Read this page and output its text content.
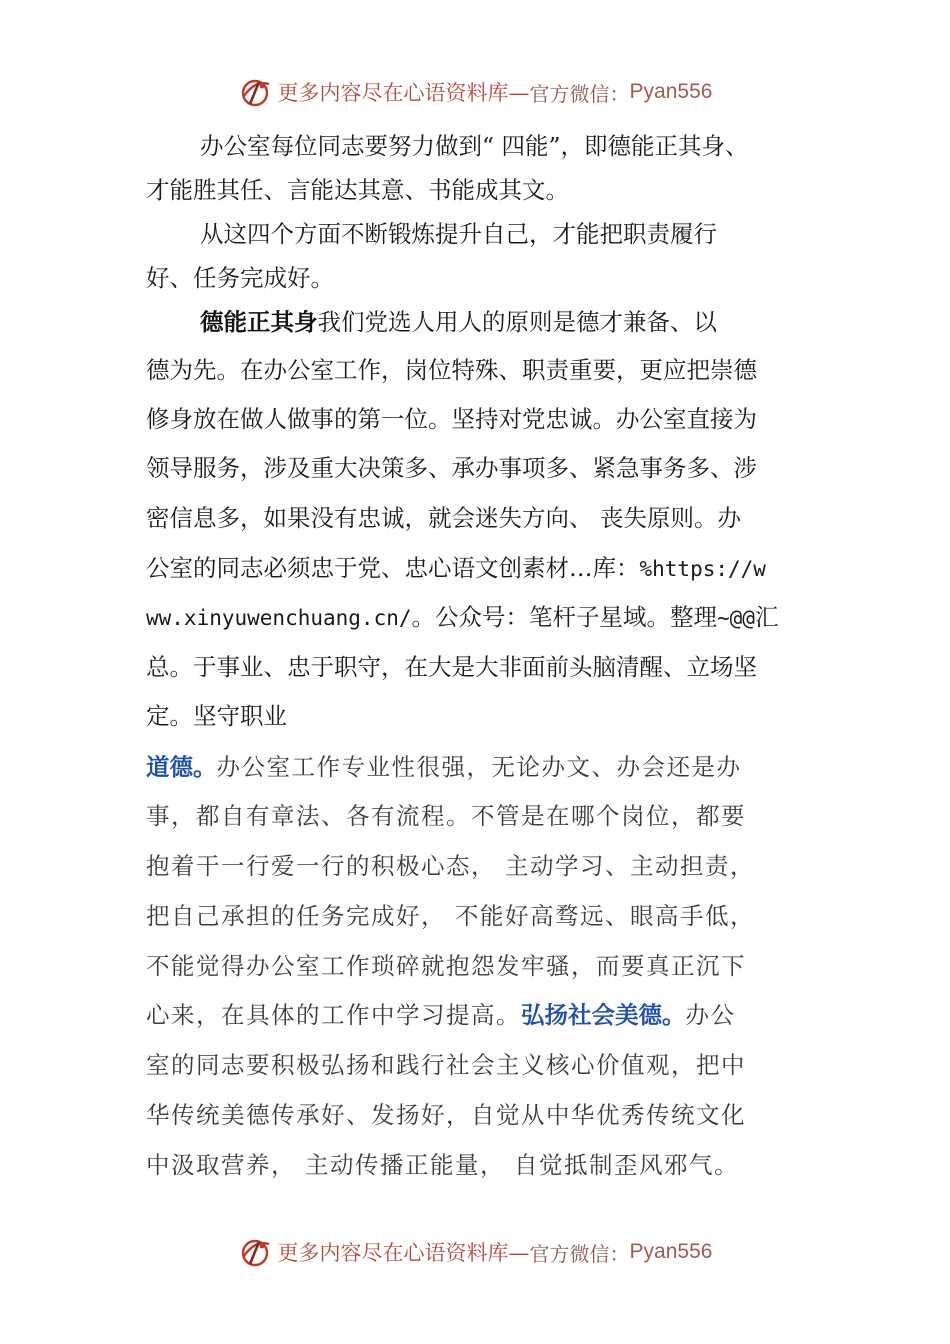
更多内容尽在心语资料库— 官方微信： Pyan556
办公室每位同志要努力做到“ 四能”，即德能正其身、
才能胜其任、言能达其意、书能成其文。
从这四个方面不断锻炼提升自己，才能把职责履行
好、任务完成好。
德能正其身我们党选人用人的原则是德才兼备、以
德为先。在办公室工作，岗位特殊、职责重要，更应把崇德
修身放在做人做事的第一位。坚持对党忠诚。办公室直接为
领导服务，涉及重大决策多、承办事项多、紧急事务多、涉
密信息多，如果没有忠诚，就会迷失方向、 丧失原则。办
公室的同志必须忠于党、忠心语文创素材…库：%https://w
ww.xinyuwenchuang.cn/。公众号：笔杆子星域。整理~@@汇
总。于事业、忠于职守，在大是大非面前头脑清醒、立场坚
定。坚守职业
道德。办公室工作专业性很强，无论办文、办会还是办
事，都自有章法、各有流程。不管是在哪个岗位，都要
抱着干一行爱一行的积极心态， 主动学习、主动担责，
把自己承担的任务完成好， 不能好高骛远、眼高手低，
不能觉得办公室工作琐碎就抱怨发牢骚，而要真正沉下
心来，在具体的工作中学习提高。弘扬社会美德。办公
室的同志要积极弘扬和践行社会主义核心价值观，把中
华传统美德传承好、发扬好，自觉从中华优秀传统文化
中汲取营养， 主动传播正能量， 自觉抵制歪风邪气。
更多内容尽在心语资料库— 官方微信： Pyan556
